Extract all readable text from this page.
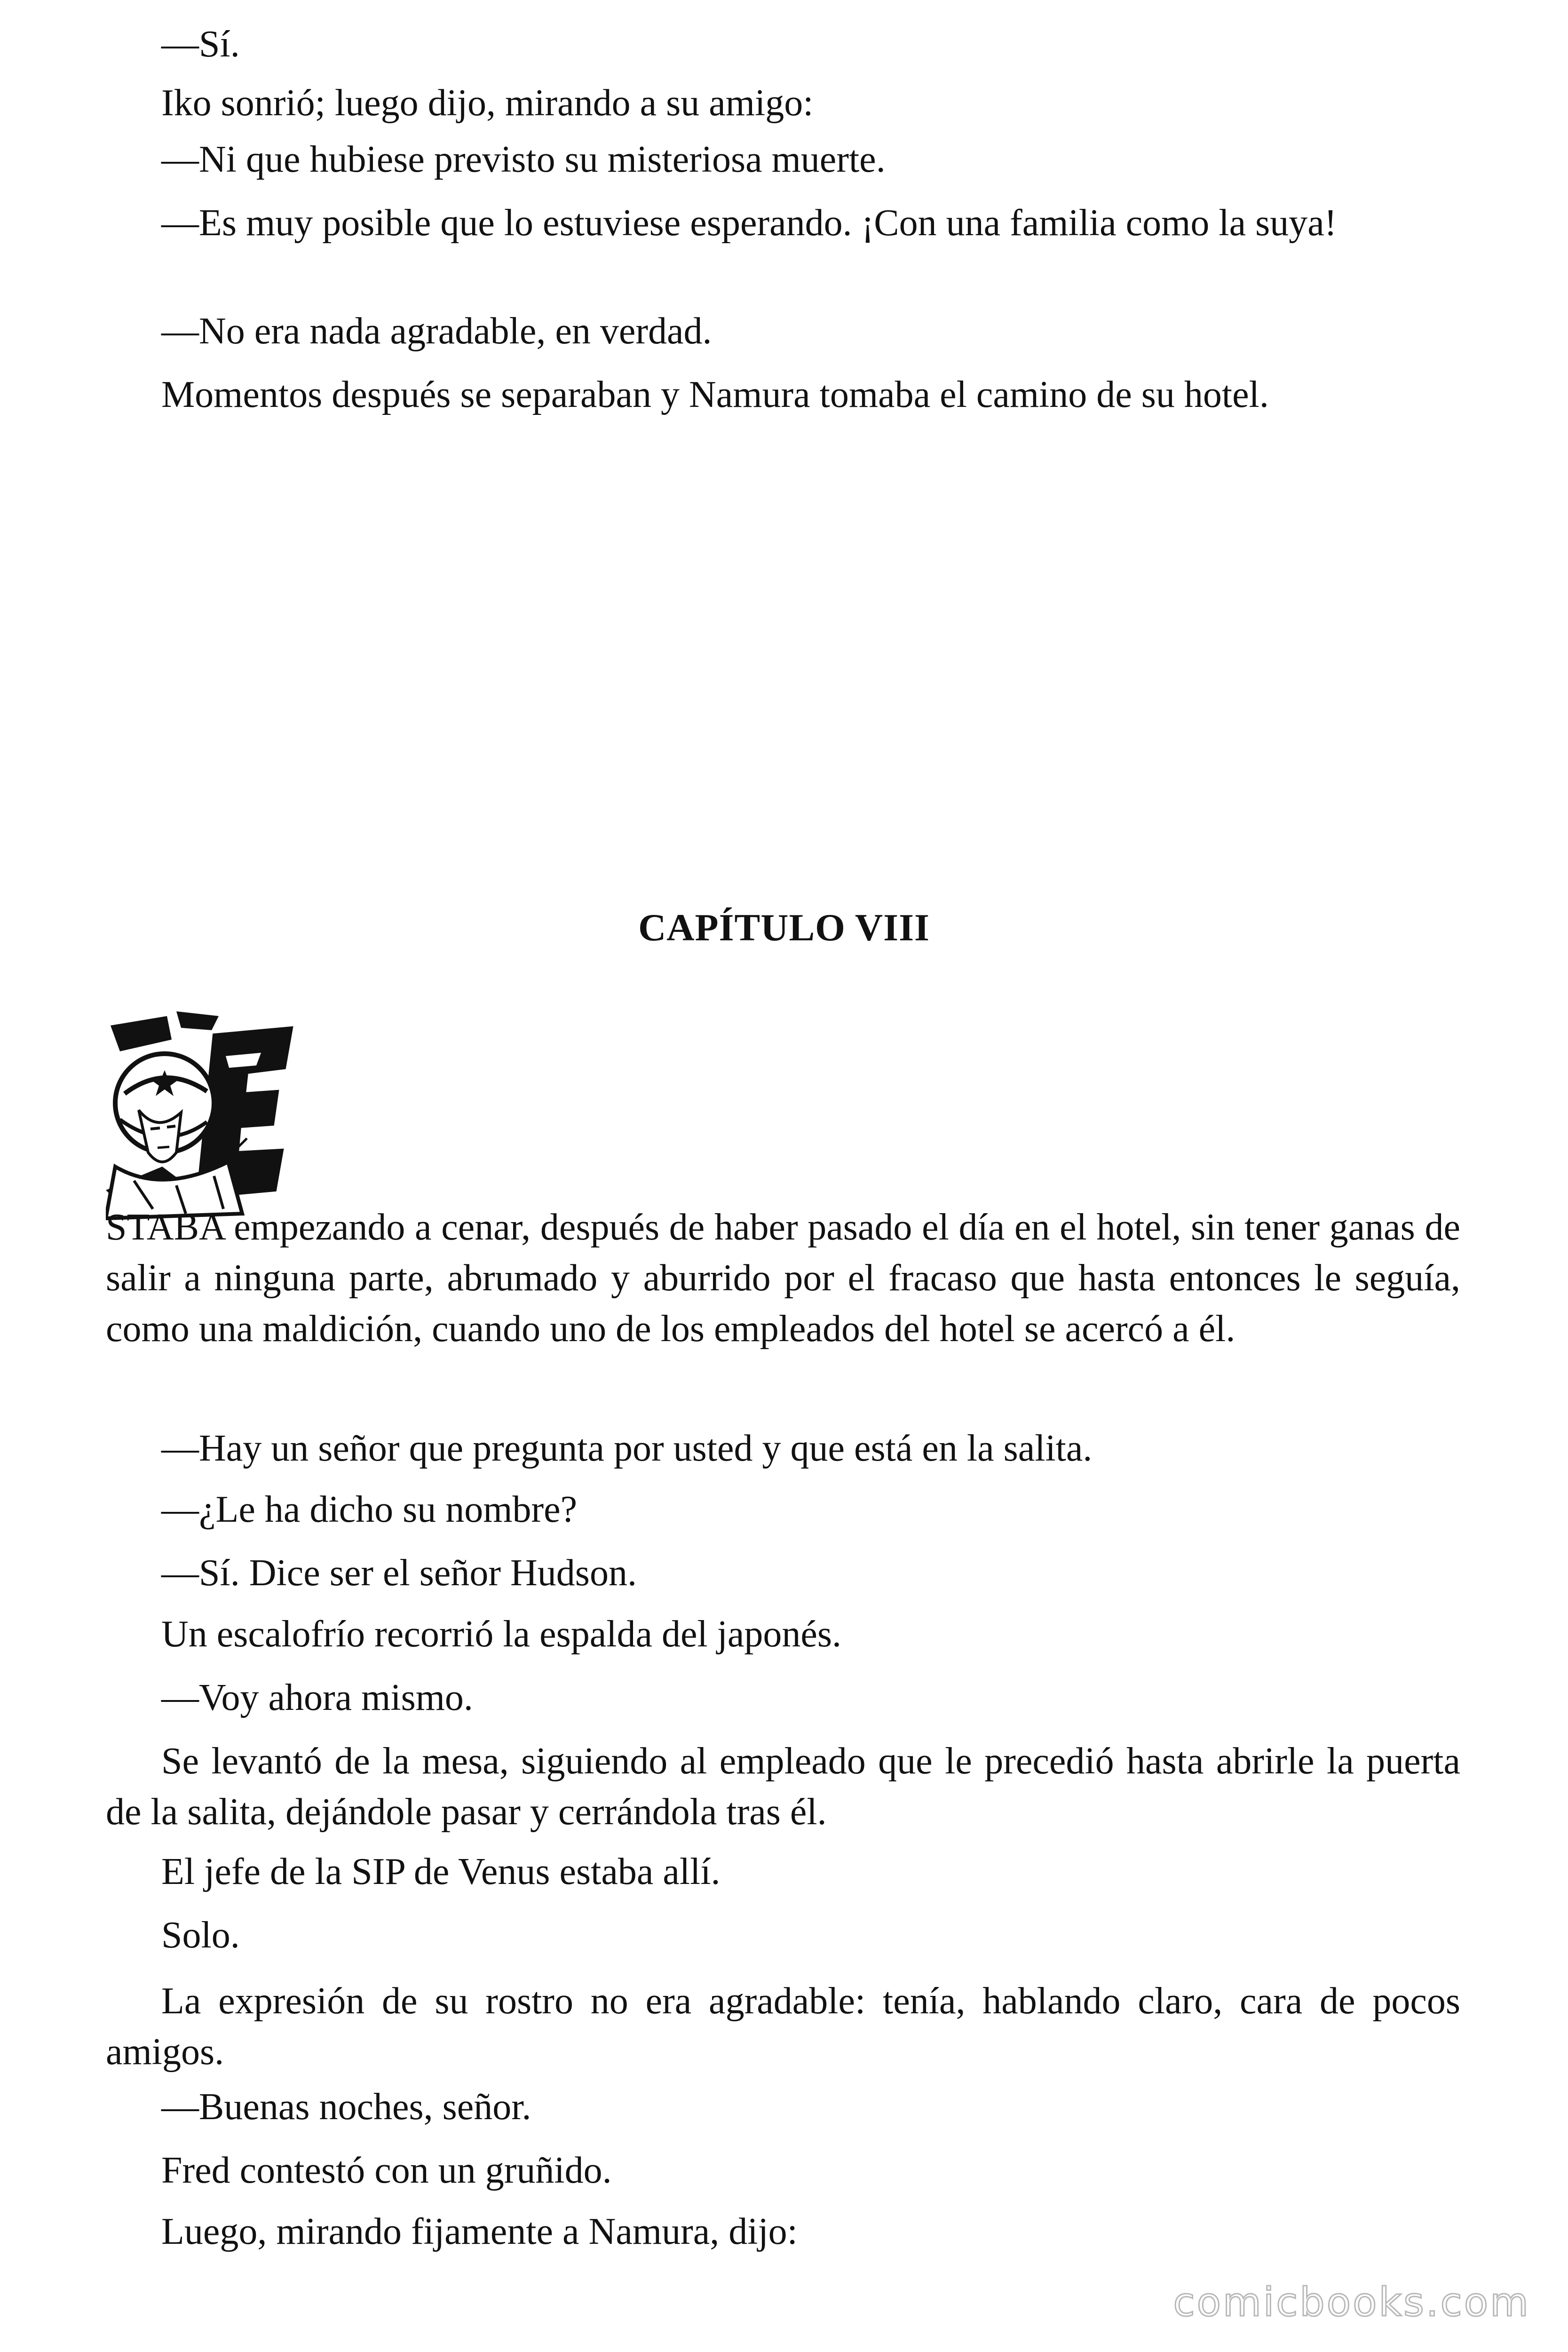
—Sí.

Iko sonrió; luego dijo, mirando a su amigo:

—Ni que hubiese previsto su misteriosa muerte.

—Es muy posible que lo estuviese esperando. ¡Con una familia como la suya!

—No era nada agradable, en verdad.

Momentos después se separaban y Namura tomaba el camino de su hotel.

CAPÍTULO VIII

STABA empezando a cenar, después de haber pasado el día en el hotel, sin tener ganas de salir a ninguna parte, abrumado y aburrido por el fracaso que hasta entonces le seguía, como una maldición, cuando uno de los empleados del hotel se acercó a él.

—Hay un señor que pregunta por usted y que está en la salita.

—¿Le ha dicho su nombre?

—Sí. Dice ser el señor Hudson.

Un escalofrío recorrió la espalda del japonés.

—Voy ahora mismo.

Se levantó de la mesa, siguiendo al empleado que le precedió hasta abrirle la puerta de la salita, dejándole pasar y cerrándola tras él.

El jefe de la SIP de Venus estaba allí.

Solo.

La expresión de su rostro no era agradable: tenía, hablando claro, cara de pocos amigos.

—Buenas noches, señor.

Fred contestó con un gruñido.

Luego, mirando fijamente a Namura, dijo:

comicbooks.com
